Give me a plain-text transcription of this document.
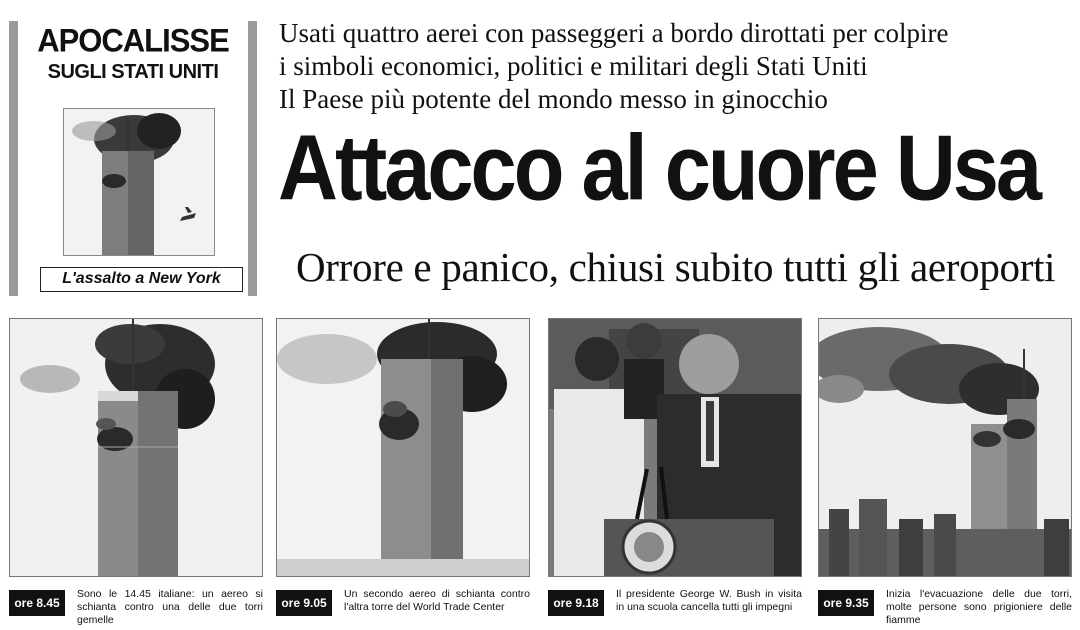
APOCALISSE
SUGLI STATI UNITI
L'assalto a New York
Usati quattro aerei con passeggeri a bordo dirottati per colpire
i simboli economici, politici e militari degli Stati Uniti
Il Paese più potente del mondo messo in ginocchio
Attacco al cuore Usa
Orrore e panico, chiusi subito tutti gli aeroporti
ore 8.45
Sono le 14.45 italiane: un aereo si schianta contro una delle due torri gemelle
ore 9.05
Un secondo aereo di schianta contro l'altra torre del World Trade Center	ore 9.18
Il presidente George W. Bush in visita in una scuola cancella tutti gli impegni	ore 9.35
Inizia l'evacuazione delle due torri, molte persone sono prigioniere delle fiamme
